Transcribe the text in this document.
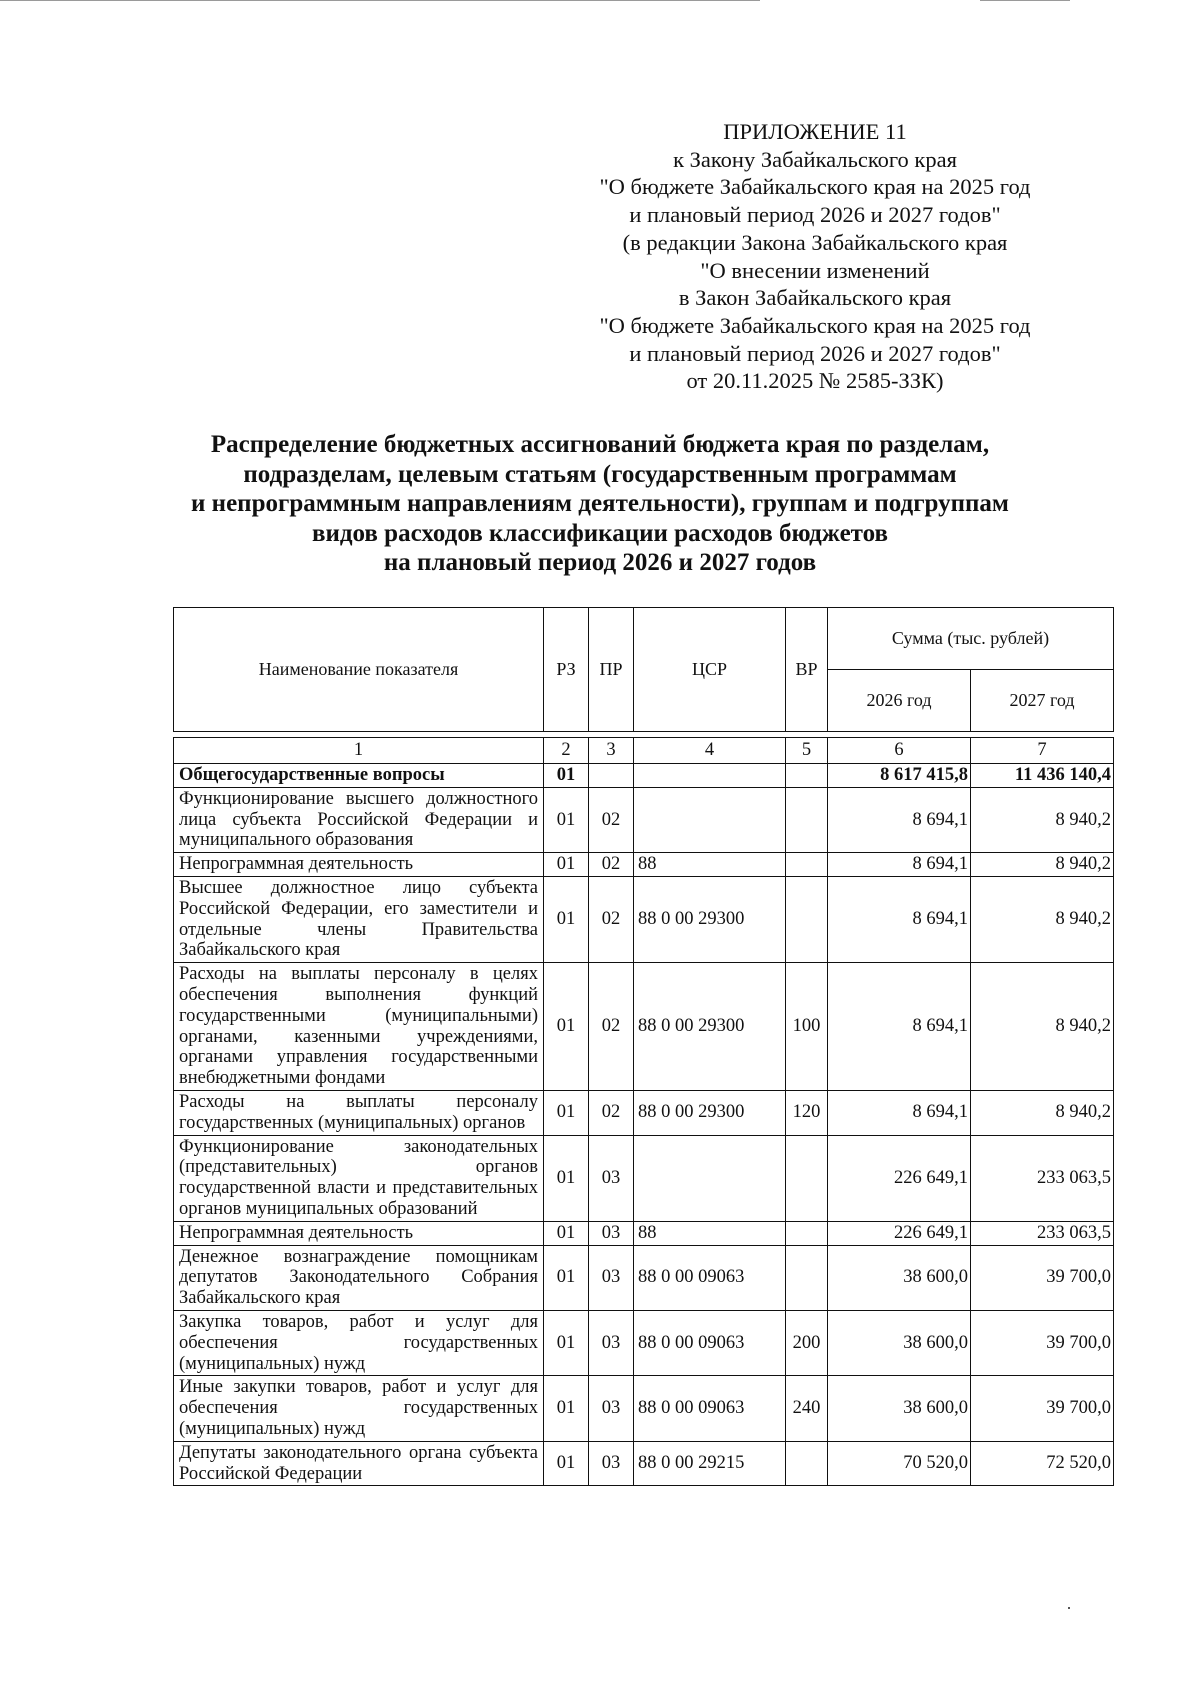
ПРИЛОЖЕНИЕ 11
к Закону Забайкальского края
"О бюджете Забайкальского края на 2025 год
и плановый период 2026 и 2027 годов"
(в редакции Закона Забайкальского края
"О внесении изменений
в Закон Забайкальского края
"О бюджете Забайкальского края на 2025 год
и плановый период 2026 и 2027 годов"
от 20.11.2025 № 2585-ЗЗК)
Распределение бюджетных ассигнований бюджета края по разделам,
подразделам, целевым статьям (государственным программам
и непрограммным направлениям деятельности), группам и подгруппам
видов расходов классификации расходов бюджетов
на плановый период 2026 и 2027 годов
Наименование показателя	РЗ	ПР	ЦСР	ВР	Сумма (тыс. рублей)	
					2026 год	2027 год
1	2	3	4	5	6	7
Общегосударственные вопросы	01				8 617 415,8	11 436 140,4
Функционирование высшего должностного лица субъекта Российской Федерации и муниципального образования	01	02			8 694,1	8 940,2
Непрограммная деятельность	01	02	88		8 694,1	8 940,2
Высшее должностное лицо субъекта Российской Федерации, его заместители и отдельные члены Правительства Забайкальского края	01	02	88 0 00 29300		8 694,1	8 940,2
Расходы на выплаты персоналу в целях обеспечения выполнения функций государственными (муниципальными) органами, казенными учреждениями, органами управления государственными внебюджетными фондами	01	02	88 0 00 29300	100	8 694,1	8 940,2
Расходы на выплаты персоналу государственных (муниципальных) органов	01	02	88 0 00 29300	120	8 694,1	8 940,2
Функционирование законодательных (представительных) органов государственной власти и представительных органов муниципальных образований	01	03			226 649,1	233 063,5
Непрограммная деятельность	01	03	88		226 649,1	233 063,5
Денежное вознаграждение помощникам депутатов Законодательного Собрания Забайкальского края	01	03	88 0 00 09063		38 600,0	39 700,0
Закупка товаров, работ и услуг для обеспечения государственных (муниципальных) нужд	01	03	88 0 00 09063	200	38 600,0	39 700,0
Иные закупки товаров, работ и услуг для обеспечения государственных (муниципальных) нужд	01	03	88 0 00 09063	240	38 600,0	39 700,0
Депутаты законодательного органа субъекта Российской Федерации	01	03	88 0 00 29215		70 520,0	72 520,0
